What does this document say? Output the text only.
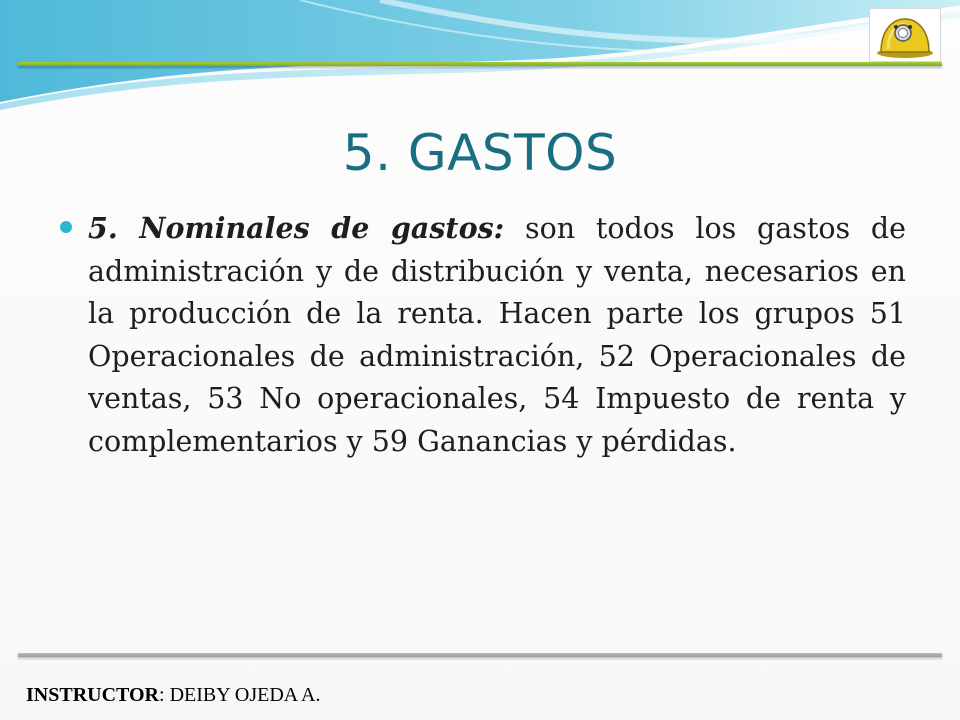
5. GASTOS

5. Nominales de gastos: son todos los gastos de administración y de distribución y venta, necesarios en la producción de la renta. Hacen parte los grupos 51 Operacionales de administración, 52 Operacionales de ventas, 53 No operacionales, 54 Impuesto de renta y complementarios y 59 Ganancias y pérdidas.

INSTRUCTOR: DEIBY OJEDA A.
